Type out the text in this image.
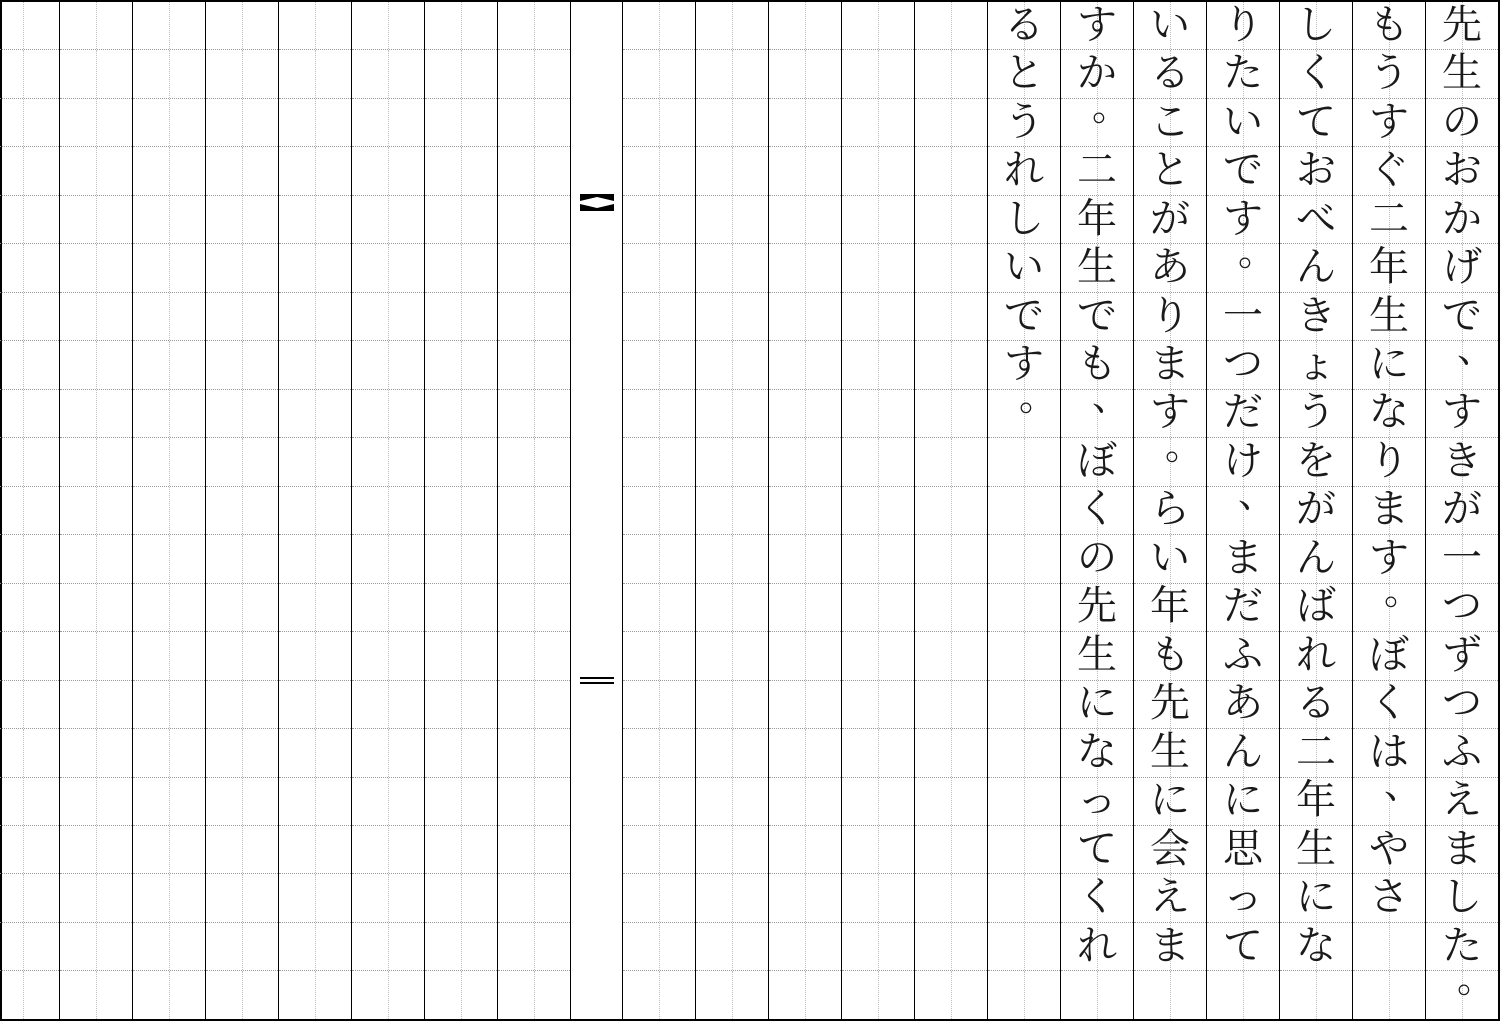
先
生
の
お
か
げ
で
、
す
き
が
一
つ
ず
つ
ふ
え
ま
し
た
。
も
う
す
ぐ
二
年
生
に
な
り
ま
す
。
ぼ
く
は
、
や
さ
し
く
て
お
べ
ん
き
ょ
う
を
が
ん
ば
れ
る
二
年
生
に
な
り
た
い
で
す
。
一
つ
だ
け
、
ま
だ
ふ
あ
ん
に
思
っ
て
い
る
こ
と
が
あ
り
ま
す
。
ら
い
年
も
先
生
に
会
え
ま
す
か
。
二
年
生
で
も
、
ぼ
く
の
先
生
に
な
っ
て
く
れ
る
と
う
れ
し
い
で
す
。
